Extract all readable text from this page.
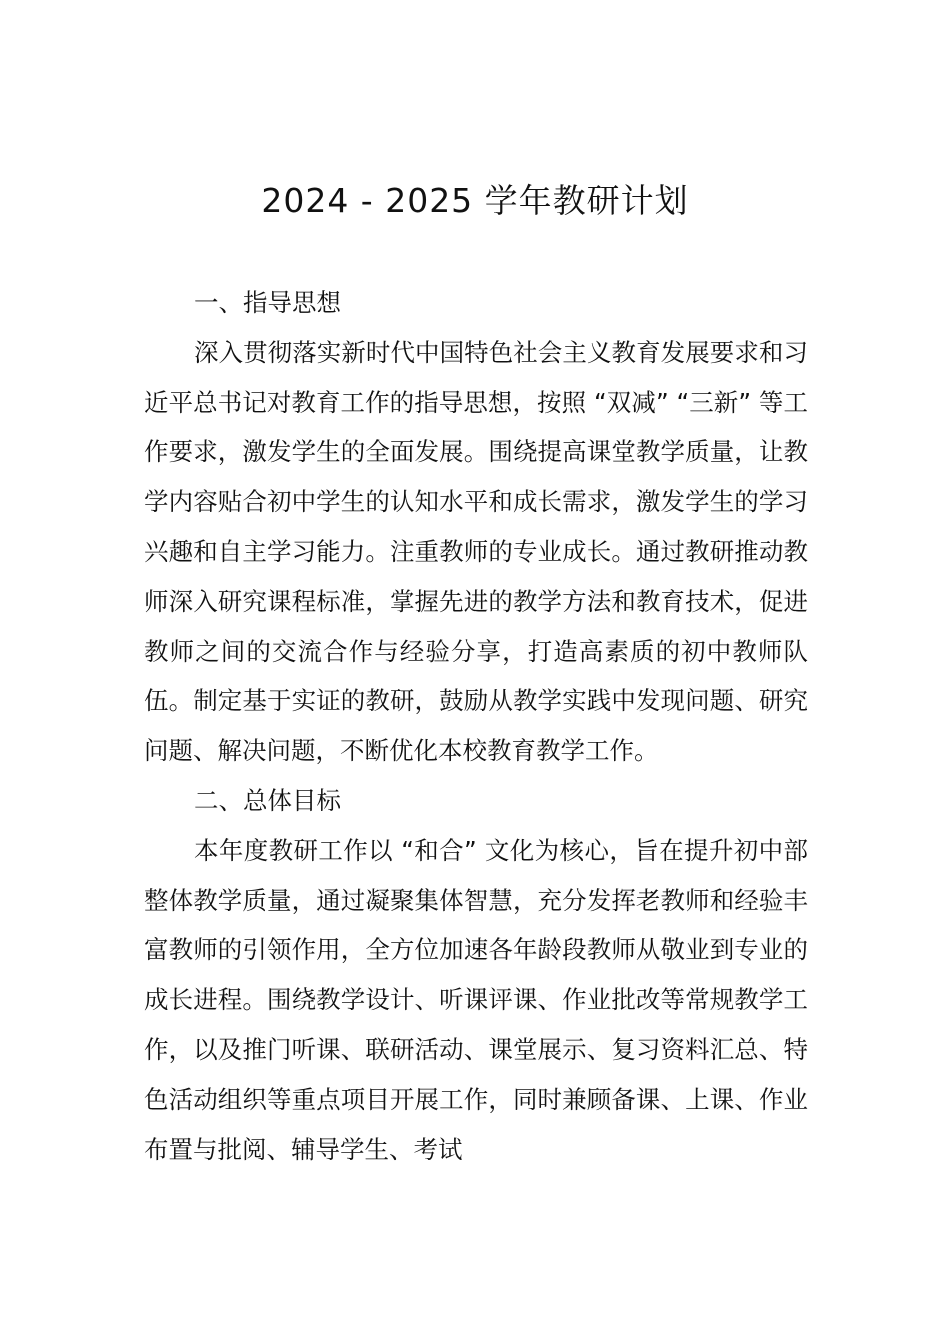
2024 - 2025 学年教研计划

一、指导思想

深入贯彻落实新时代中国特色社会主义教育发展要求和习近平总书记对教育工作的指导思想，按照 “双减” “三新” 等工作要求，激发学生的全面发展。围绕提高课堂教学质量，让教学内容贴合初中学生的认知水平和成长需求，激发学生的学习兴趣和自主学习能力。注重教师的专业成长。通过教研推动教师深入研究课程标准，掌握先进的教学方法和教育技术，促进教师之间的交流合作与经验分享，打造高素质的初中教师队伍。制定基于实证的教研，鼓励从教学实践中发现问题、研究问题、解决问题，不断优化本校教育教学工作。

二、总体目标

本年度教研工作以 “和合” 文化为核心，旨在提升初中部整体教学质量，通过凝聚集体智慧，充分发挥老教师和经验丰富教师的引领作用，全方位加速各年龄段教师从敬业到专业的成长进程。围绕教学设计、听课评课、作业批改等常规教学工作，以及推门听课、联研活动、课堂展示、复习资料汇总、特色活动组织等重点项目开展工作，同时兼顾备课、上课、作业布置与批阅、辅导学生、考试
